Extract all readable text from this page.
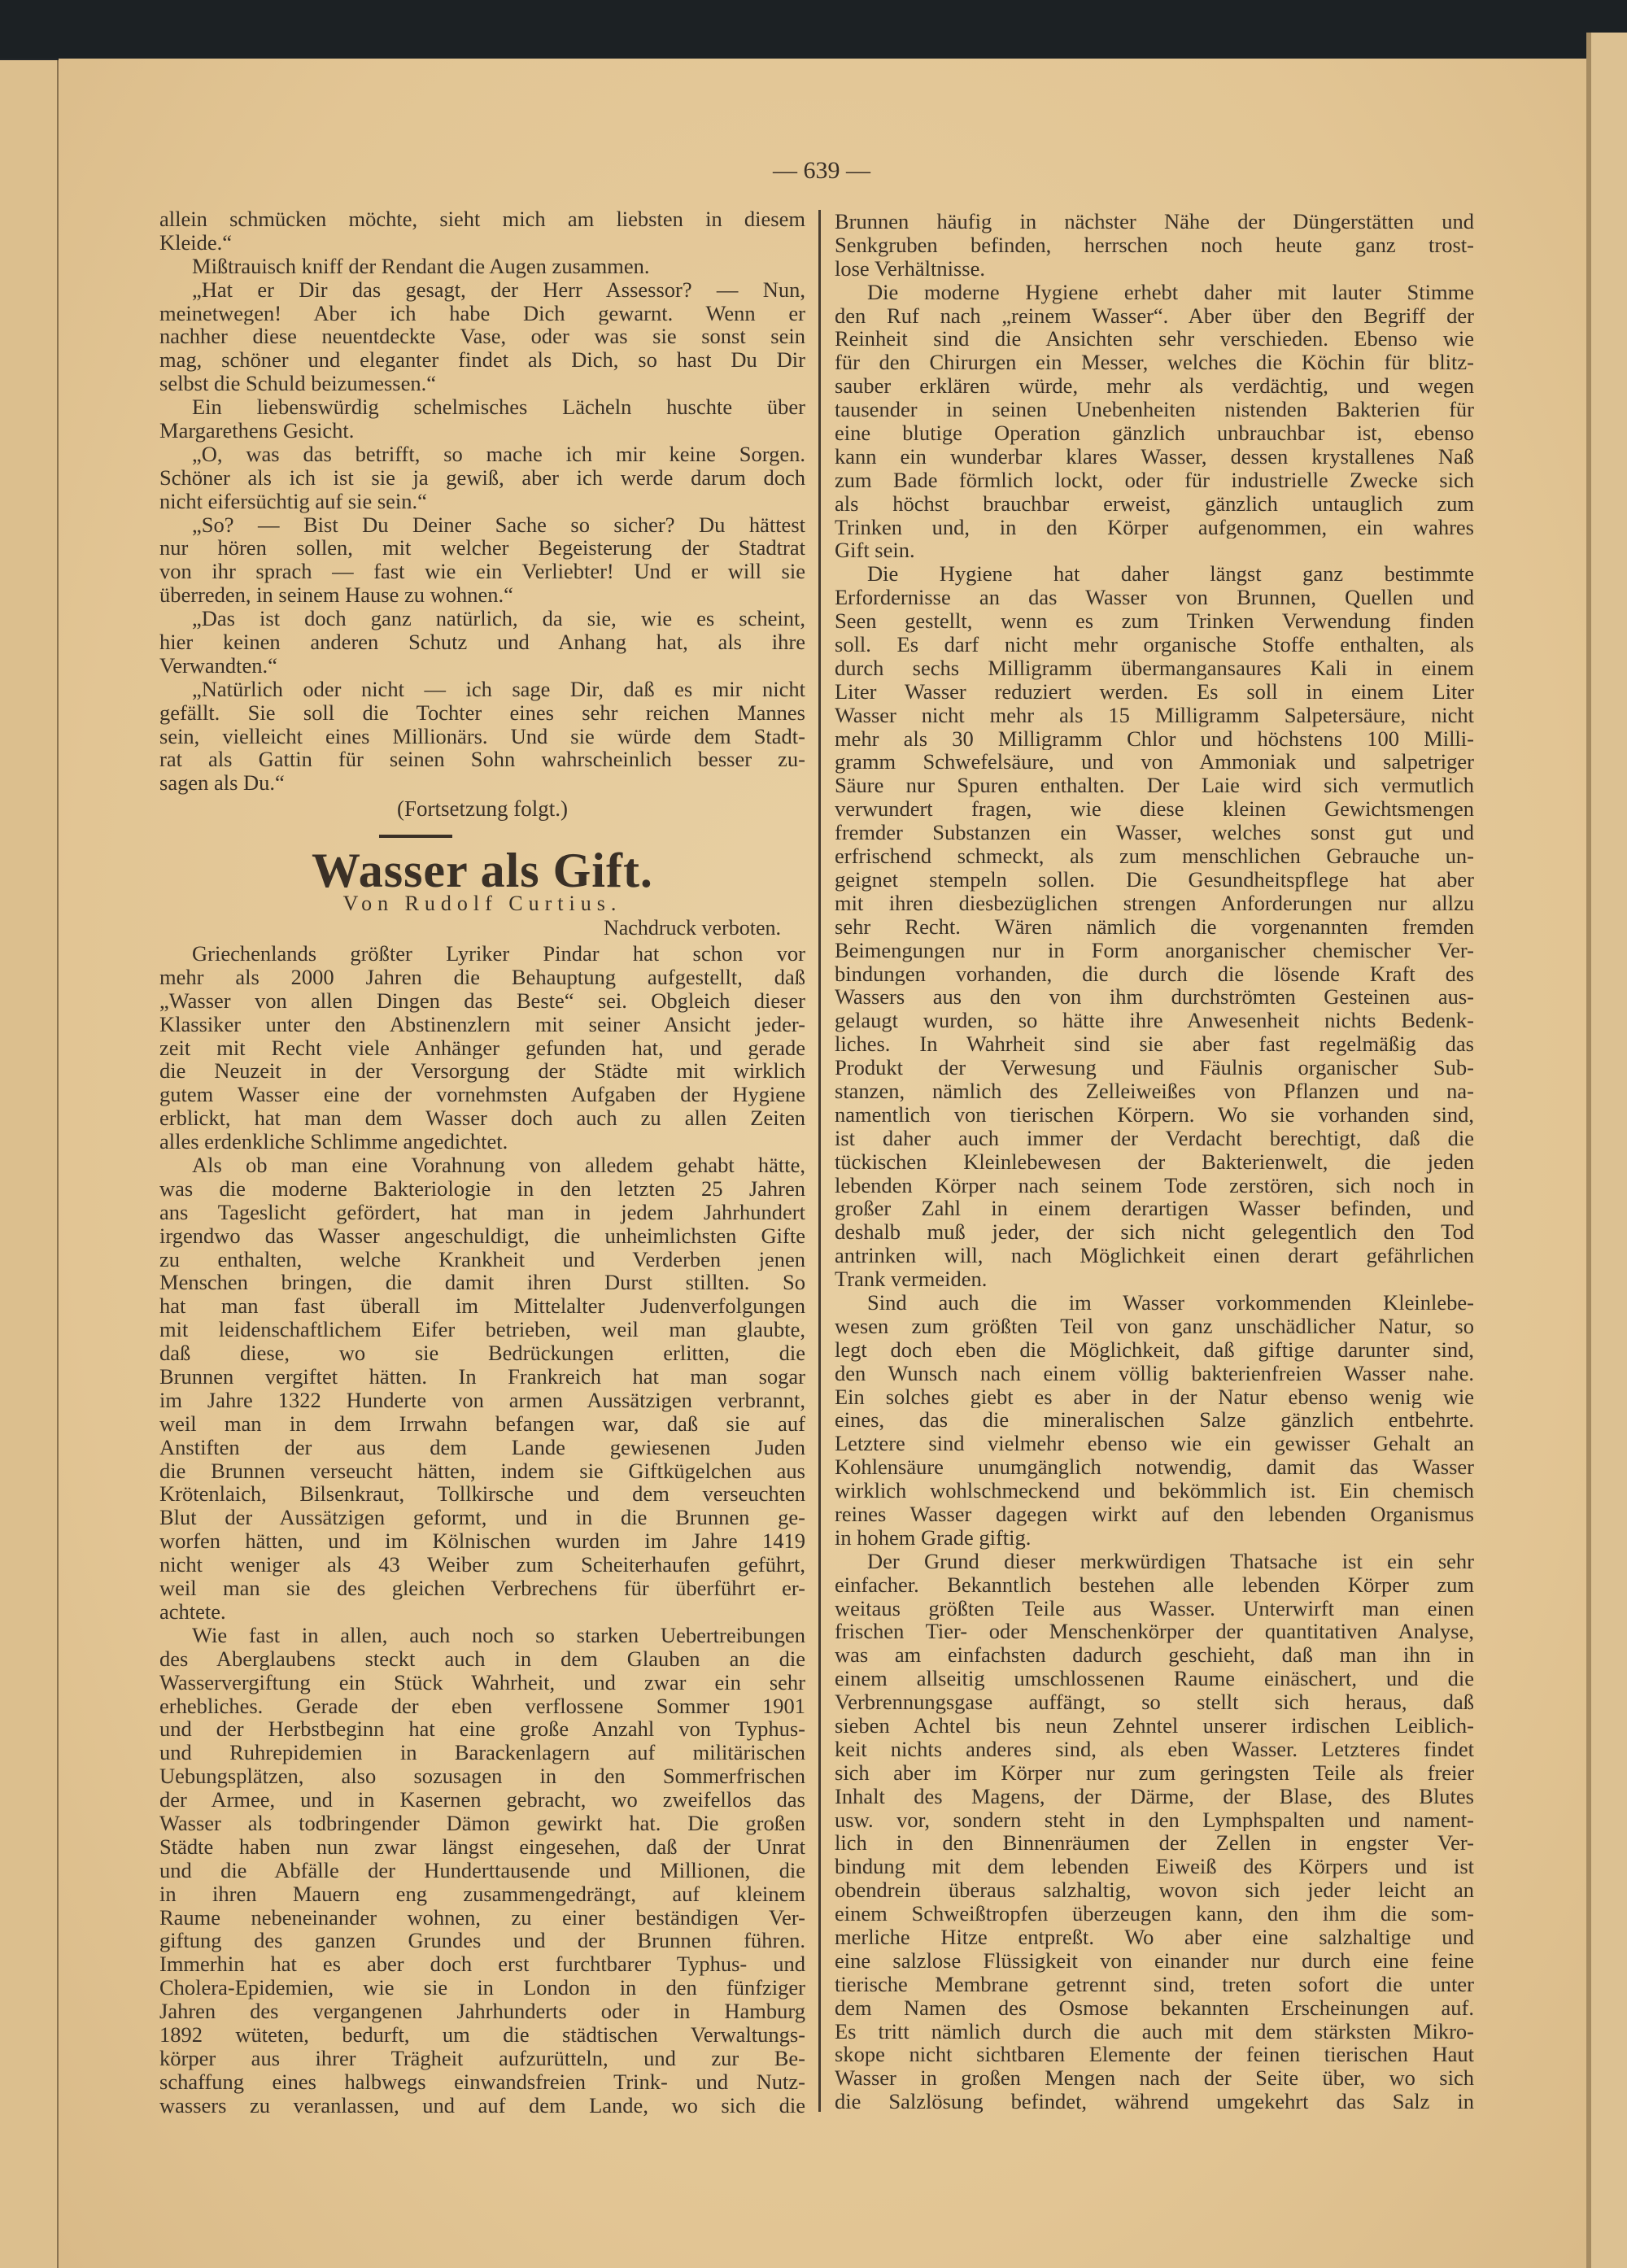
— 639 —
allein schmücken möchte, sieht mich am liebsten in diesem
Kleide.“
Mißtrauisch kniff der Rendant die Augen zusammen.
„Hat er Dir das gesagt, der Herr Assessor? — Nun,
meinetwegen! Aber ich habe Dich gewarnt. Wenn er
nachher diese neuentdeckte Vase, oder was sie sonst sein
mag, schöner und eleganter findet als Dich, so hast Du Dir
selbst die Schuld beizumessen.“
Ein liebenswürdig schelmisches Lächeln huschte über
Margarethens Gesicht.
„O, was das betrifft, so mache ich mir keine Sorgen.
Schöner als ich ist sie ja gewiß, aber ich werde darum doch
nicht eifersüchtig auf sie sein.“
„So? — Bist Du Deiner Sache so sicher? Du hättest
nur hören sollen, mit welcher Begeisterung der Stadtrat
von ihr sprach — fast wie ein Verliebter! Und er will sie
überreden, in seinem Hause zu wohnen.“
„Das ist doch ganz natürlich, da sie, wie es scheint,
hier keinen anderen Schutz und Anhang hat, als ihre
Verwandten.“
„Natürlich oder nicht — ich sage Dir, daß es mir nicht
gefällt. Sie soll die Tochter eines sehr reichen Mannes
sein, vielleicht eines Millionärs. Und sie würde dem Stadt-
rat als Gattin für seinen Sohn wahrscheinlich besser zu-
sagen als Du.“
(Fortsetzung folgt.)
Wasser als Gift.
Von Rudolf Curtius.
Nachdruck verboten.
Griechenlands größter Lyriker Pindar hat schon vor
mehr als 2000 Jahren die Behauptung aufgestellt, daß
„Wasser von allen Dingen das Beste“ sei. Obgleich dieser
Klassiker unter den Abstinenzlern mit seiner Ansicht jeder-
zeit mit Recht viele Anhänger gefunden hat, und gerade
die Neuzeit in der Versorgung der Städte mit wirklich
gutem Wasser eine der vornehmsten Aufgaben der Hygiene
erblickt, hat man dem Wasser doch auch zu allen Zeiten
alles erdenkliche Schlimme angedichtet.
Als ob man eine Vorahnung von alledem gehabt hätte,
was die moderne Bakteriologie in den letzten 25 Jahren
ans Tageslicht gefördert, hat man in jedem Jahrhundert
irgendwo das Wasser angeschuldigt, die unheimlichsten Gifte
zu enthalten, welche Krankheit und Verderben jenen
Menschen bringen, die damit ihren Durst stillten. So
hat man fast überall im Mittelalter Judenverfolgungen
mit leidenschaftlichem Eifer betrieben, weil man glaubte,
daß diese, wo sie Bedrückungen erlitten, die
Brunnen vergiftet hätten. In Frankreich hat man sogar
im Jahre 1322 Hunderte von armen Aussätzigen verbrannt,
weil man in dem Irrwahn befangen war, daß sie auf
Anstiften der aus dem Lande gewiesenen Juden
die Brunnen verseucht hätten, indem sie Giftkügelchen aus
Krötenlaich, Bilsenkraut, Tollkirsche und dem verseuchten
Blut der Aussätzigen geformt, und in die Brunnen ge-
worfen hätten, und im Kölnischen wurden im Jahre 1419
nicht weniger als 43 Weiber zum Scheiterhaufen geführt,
weil man sie des gleichen Verbrechens für überführt er-
achtete.
Wie fast in allen, auch noch so starken Uebertreibungen
des Aberglaubens steckt auch in dem Glauben an die
Wasservergiftung ein Stück Wahrheit, und zwar ein sehr
erhebliches. Gerade der eben verflossene Sommer 1901
und der Herbstbeginn hat eine große Anzahl von Typhus-
und Ruhrepidemien in Barackenlagern auf militärischen
Uebungsplätzen, also sozusagen in den Sommerfrischen
der Armee, und in Kasernen gebracht, wo zweifellos das
Wasser als todbringender Dämon gewirkt hat. Die großen
Städte haben nun zwar längst eingesehen, daß der Unrat
und die Abfälle der Hunderttausende und Millionen, die
in ihren Mauern eng zusammengedrängt, auf kleinem
Raume nebeneinander wohnen, zu einer beständigen Ver-
giftung des ganzen Grundes und der Brunnen führen.
Immerhin hat es aber doch erst furchtbarer Typhus- und
Cholera-Epidemien, wie sie in London in den fünfziger
Jahren des vergangenen Jahrhunderts oder in Hamburg
1892 wüteten, bedurft, um die städtischen Verwaltungs-
körper aus ihrer Trägheit aufzurütteln, und zur Be-
schaffung eines halbwegs einwandsfreien Trink- und Nutz-
wassers zu veranlassen, und auf dem Lande, wo sich die
Brunnen häufig in nächster Nähe der Düngerstätten und
Senkgruben befinden, herrschen noch heute ganz trost-
lose Verhältnisse.
Die moderne Hygiene erhebt daher mit lauter Stimme
den Ruf nach „reinem Wasser“. Aber über den Begriff der
Reinheit sind die Ansichten sehr verschieden. Ebenso wie
für den Chirurgen ein Messer, welches die Köchin für blitz-
sauber erklären würde, mehr als verdächtig, und wegen
tausender in seinen Unebenheiten nistenden Bakterien für
eine blutige Operation gänzlich unbrauchbar ist, ebenso
kann ein wunderbar klares Wasser, dessen krystallenes Naß
zum Bade förmlich lockt, oder für industrielle Zwecke sich
als höchst brauchbar erweist, gänzlich untauglich zum
Trinken und, in den Körper aufgenommen, ein wahres
Gift sein.
Die Hygiene hat daher längst ganz bestimmte
Erfordernisse an das Wasser von Brunnen, Quellen und
Seen gestellt, wenn es zum Trinken Verwendung finden
soll. Es darf nicht mehr organische Stoffe enthalten, als
durch sechs Milligramm übermangansaures Kali in einem
Liter Wasser reduziert werden. Es soll in einem Liter
Wasser nicht mehr als 15 Milligramm Salpetersäure, nicht
mehr als 30 Milligramm Chlor und höchstens 100 Milli-
gramm Schwefelsäure, und von Ammoniak und salpetriger
Säure nur Spuren enthalten. Der Laie wird sich vermutlich
verwundert fragen, wie diese kleinen Gewichtsmengen
fremder Substanzen ein Wasser, welches sonst gut und
erfrischend schmeckt, als zum menschlichen Gebrauche un-
geignet stempeln sollen. Die Gesundheitspflege hat aber
mit ihren diesbezüglichen strengen Anforderungen nur allzu
sehr Recht. Wären nämlich die vorgenannten fremden
Beimengungen nur in Form anorganischer chemischer Ver-
bindungen vorhanden, die durch die lösende Kraft des
Wassers aus den von ihm durchströmten Gesteinen aus-
gelaugt wurden, so hätte ihre Anwesenheit nichts Bedenk-
liches. In Wahrheit sind sie aber fast regelmäßig das
Produkt der Verwesung und Fäulnis organischer Sub-
stanzen, nämlich des Zelleiweißes von Pflanzen und na-
namentlich von tierischen Körpern. Wo sie vorhanden sind,
ist daher auch immer der Verdacht berechtigt, daß die
tückischen Kleinlebewesen der Bakterienwelt, die jeden
lebenden Körper nach seinem Tode zerstören, sich noch in
großer Zahl in einem derartigen Wasser befinden, und
deshalb muß jeder, der sich nicht gelegentlich den Tod
antrinken will, nach Möglichkeit einen derart gefährlichen
Trank vermeiden.
Sind auch die im Wasser vorkommenden Kleinlebe-
wesen zum größten Teil von ganz unschädlicher Natur, so
legt doch eben die Möglichkeit, daß giftige darunter sind,
den Wunsch nach einem völlig bakterienfreien Wasser nahe.
Ein solches giebt es aber in der Natur ebenso wenig wie
eines, das die mineralischen Salze gänzlich entbehrte.
Letztere sind vielmehr ebenso wie ein gewisser Gehalt an
Kohlensäure unumgänglich notwendig, damit das Wasser
wirklich wohlschmeckend und bekömmlich ist. Ein chemisch
reines Wasser dagegen wirkt auf den lebenden Organismus
in hohem Grade giftig.
Der Grund dieser merkwürdigen Thatsache ist ein sehr
einfacher. Bekanntlich bestehen alle lebenden Körper zum
weitaus größten Teile aus Wasser. Unterwirft man einen
frischen Tier- oder Menschenkörper der quantitativen Analyse,
was am einfachsten dadurch geschieht, daß man ihn in
einem allseitig umschlossenen Raume einäschert, und die
Verbrennungsgase auffängt, so stellt sich heraus, daß
sieben Achtel bis neun Zehntel unserer irdischen Leiblich-
keit nichts anderes sind, als eben Wasser. Letzteres findet
sich aber im Körper nur zum geringsten Teile als freier
Inhalt des Magens, der Därme, der Blase, des Blutes
usw. vor, sondern steht in den Lymphspalten und nament-
lich in den Binnenräumen der Zellen in engster Ver-
bindung mit dem lebenden Eiweiß des Körpers und ist
obendrein überaus salzhaltig, wovon sich jeder leicht an
einem Schweißtropfen überzeugen kann, den ihm die som-
merliche Hitze entpreßt. Wo aber eine salzhaltige und
eine salzlose Flüssigkeit von einander nur durch eine feine
tierische Membrane getrennt sind, treten sofort die unter
dem Namen des Osmose bekannten Erscheinungen auf.
Es tritt nämlich durch die auch mit dem stärksten Mikro-
skope nicht sichtbaren Elemente der feinen tierischen Haut
Wasser in großen Mengen nach der Seite über, wo sich
die Salzlösung befindet, während umgekehrt das Salz in
